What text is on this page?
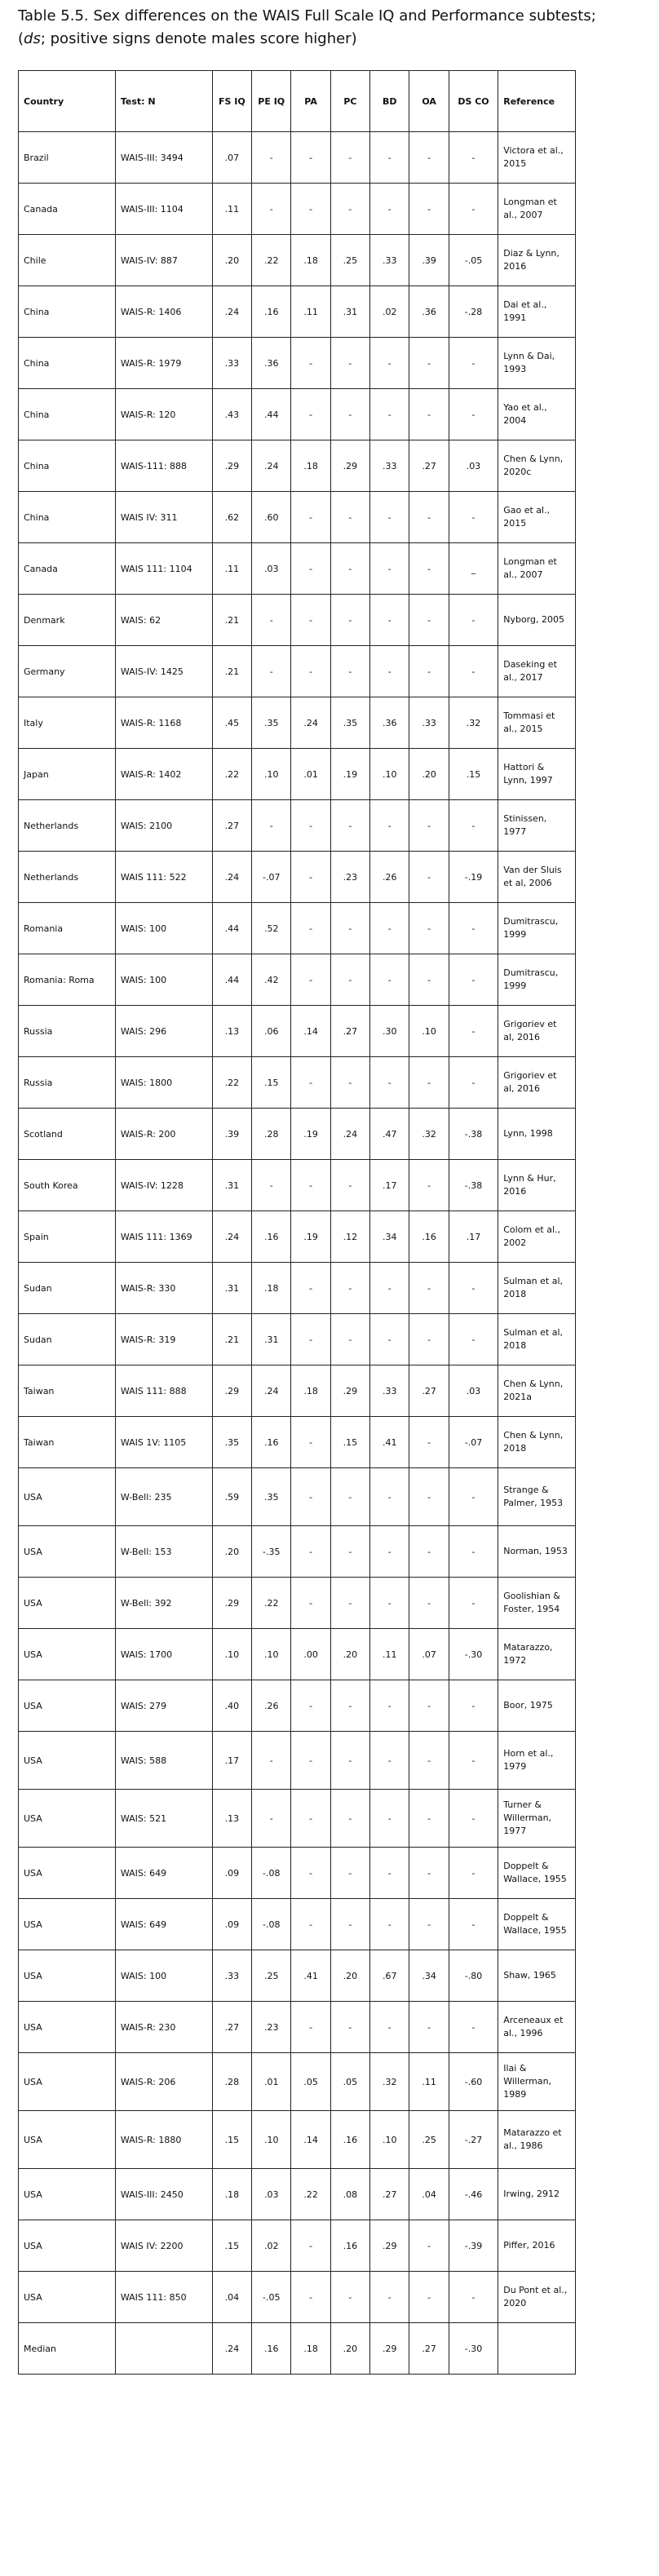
Table 5.5. Sex differences on the WAIS Full Scale IQ and Performance subtests;
(ds; positive signs denote males score higher)
Country	Test: N	FS IQ	PE IQ	PA	PC	BD	OA	DS CO	Reference
Brazil	WAIS-III: 3494	.07	-	-	-	-	-	-	Victora et al., 2015
Canada	WAIS-III: 1104	.11	-	-	-	-	-	-	Longman et al., 2007
Chile	WAIS-IV: 887	.20	.22	.18	.25	.33	.39	-.05	Diaz & Lynn, 2016
China	WAIS-R: 1406	.24	.16	.11	.31	.02	.36	-.28	Dai et al., 1991
China	WAIS-R: 1979	.33	.36	-	-	-	-	-	Lynn & Dai, 1993
China	WAIS-R: 120	.43	.44	-	-	-	-	-	Yao et al., 2004
China	WAIS-111: 888	.29	.24	.18	.29	.33	.27	.03	Chen & Lynn, 2020c
China	WAIS IV: 311	.62	.60	-	-	-	-	-	Gao et al., 2015
Canada	WAIS 111: 1104	.11	.03	-	-	-	-	_	Longman et al., 2007
Denmark	WAIS: 62	.21	-	-	-	-	-	-	Nyborg, 2005
Germany	WAIS-IV: 1425	.21	-	-	-	-	-	-	Daseking et al., 2017
Italy	WAIS-R: 1168	.45	.35	.24	.35	.36	.33	.32	Tommasi et al., 2015
Japan	WAIS-R: 1402	.22	.10	.01	.19	.10	.20	.15	Hattori & Lynn, 1997
Netherlands	WAIS: 2100	.27	-	-	-	-	-	-	Stinissen, 1977
Netherlands	WAIS 111: 522	.24	-.07	-	.23	.26	-	-.19	Van der Sluis et al, 2006
Romania	WAIS: 100	.44	.52	-	-	-	-	-	Dumitrascu, 1999
Romania: Roma	WAIS: 100	.44	.42	-	-	-	-	-	Dumitrascu, 1999
Russia	WAIS: 296	.13	.06	.14	.27	.30	.10	-	Grigoriev et al, 2016
Russia	WAIS: 1800	.22	.15	-	-	-	-	-	Grigoriev et al, 2016
Scotland	WAIS-R: 200	.39	.28	.19	.24	.47	.32	-.38	Lynn, 1998
South Korea	WAIS-IV: 1228	.31	-	-	-	.17	-	-.38	Lynn & Hur, 2016
Spain	WAIS 111: 1369	.24	.16	.19	.12	.34	.16	.17	Colom et al., 2002
Sudan	WAIS-R: 330	.31	.18	-	-	-	-	-	Sulman et al, 2018
Sudan	WAIS-R: 319	.21	.31	-	-	-	-	-	Sulman et al, 2018
Taiwan	WAIS 111: 888	.29	.24	.18	.29	.33	.27	.03	Chen & Lynn, 2021a
Taiwan	WAIS 1V: 1105	.35	.16	-	.15	.41	-	-.07	Chen & Lynn, 2018
USA	W-Bell: 235	.59	.35	-	-	-	-	-	Strange & Palmer, 1953
USA	W-Bell: 153	.20	-.35	-	-	-	-	-	Norman, 1953
USA	W-Bell: 392	.29	.22	-	-	-	-	-	Goolishian & Foster, 1954
USA	WAIS: 1700	.10	.10	.00	.20	.11	.07	-.30	Matarazzo, 1972
USA	WAIS: 279	.40	.26	-	-	-	-	-	Boor, 1975
USA	WAIS: 588	.17	-	-	-	-	-	-	Horn et al., 1979
USA	WAIS: 521	.13	-	-	-	-	-	-	Turner & Willerman, 1977
USA	WAIS: 649	.09	-.08	-	-	-	-	-	Doppelt & Wallace, 1955
USA	WAIS: 649	.09	-.08	-	-	-	-	-	Doppelt & Wallace, 1955
USA	WAIS: 100	.33	.25	.41	.20	.67	.34	-.80	Shaw, 1965
USA	WAIS-R: 230	.27	.23	-	-	-	-	-	Arceneaux et al., 1996
USA	WAIS-R: 206	.28	.01	.05	.05	.32	.11	-.60	Ilai & Willerman, 1989
USA	WAIS-R: 1880	.15	.10	.14	.16	.10	.25	-.27	Matarazzo et al., 1986
USA	WAIS-III: 2450	.18	.03	.22	.08	.27	.04	-.46	Irwing, 2912
USA	WAIS IV: 2200	.15	.02	-	.16	.29	-	-.39	Piffer, 2016
USA	WAIS 111: 850	.04	-.05	-	-	-	-	-	Du Pont et al., 2020
Median		.24	.16	.18	.20	.29	.27	-.30	
